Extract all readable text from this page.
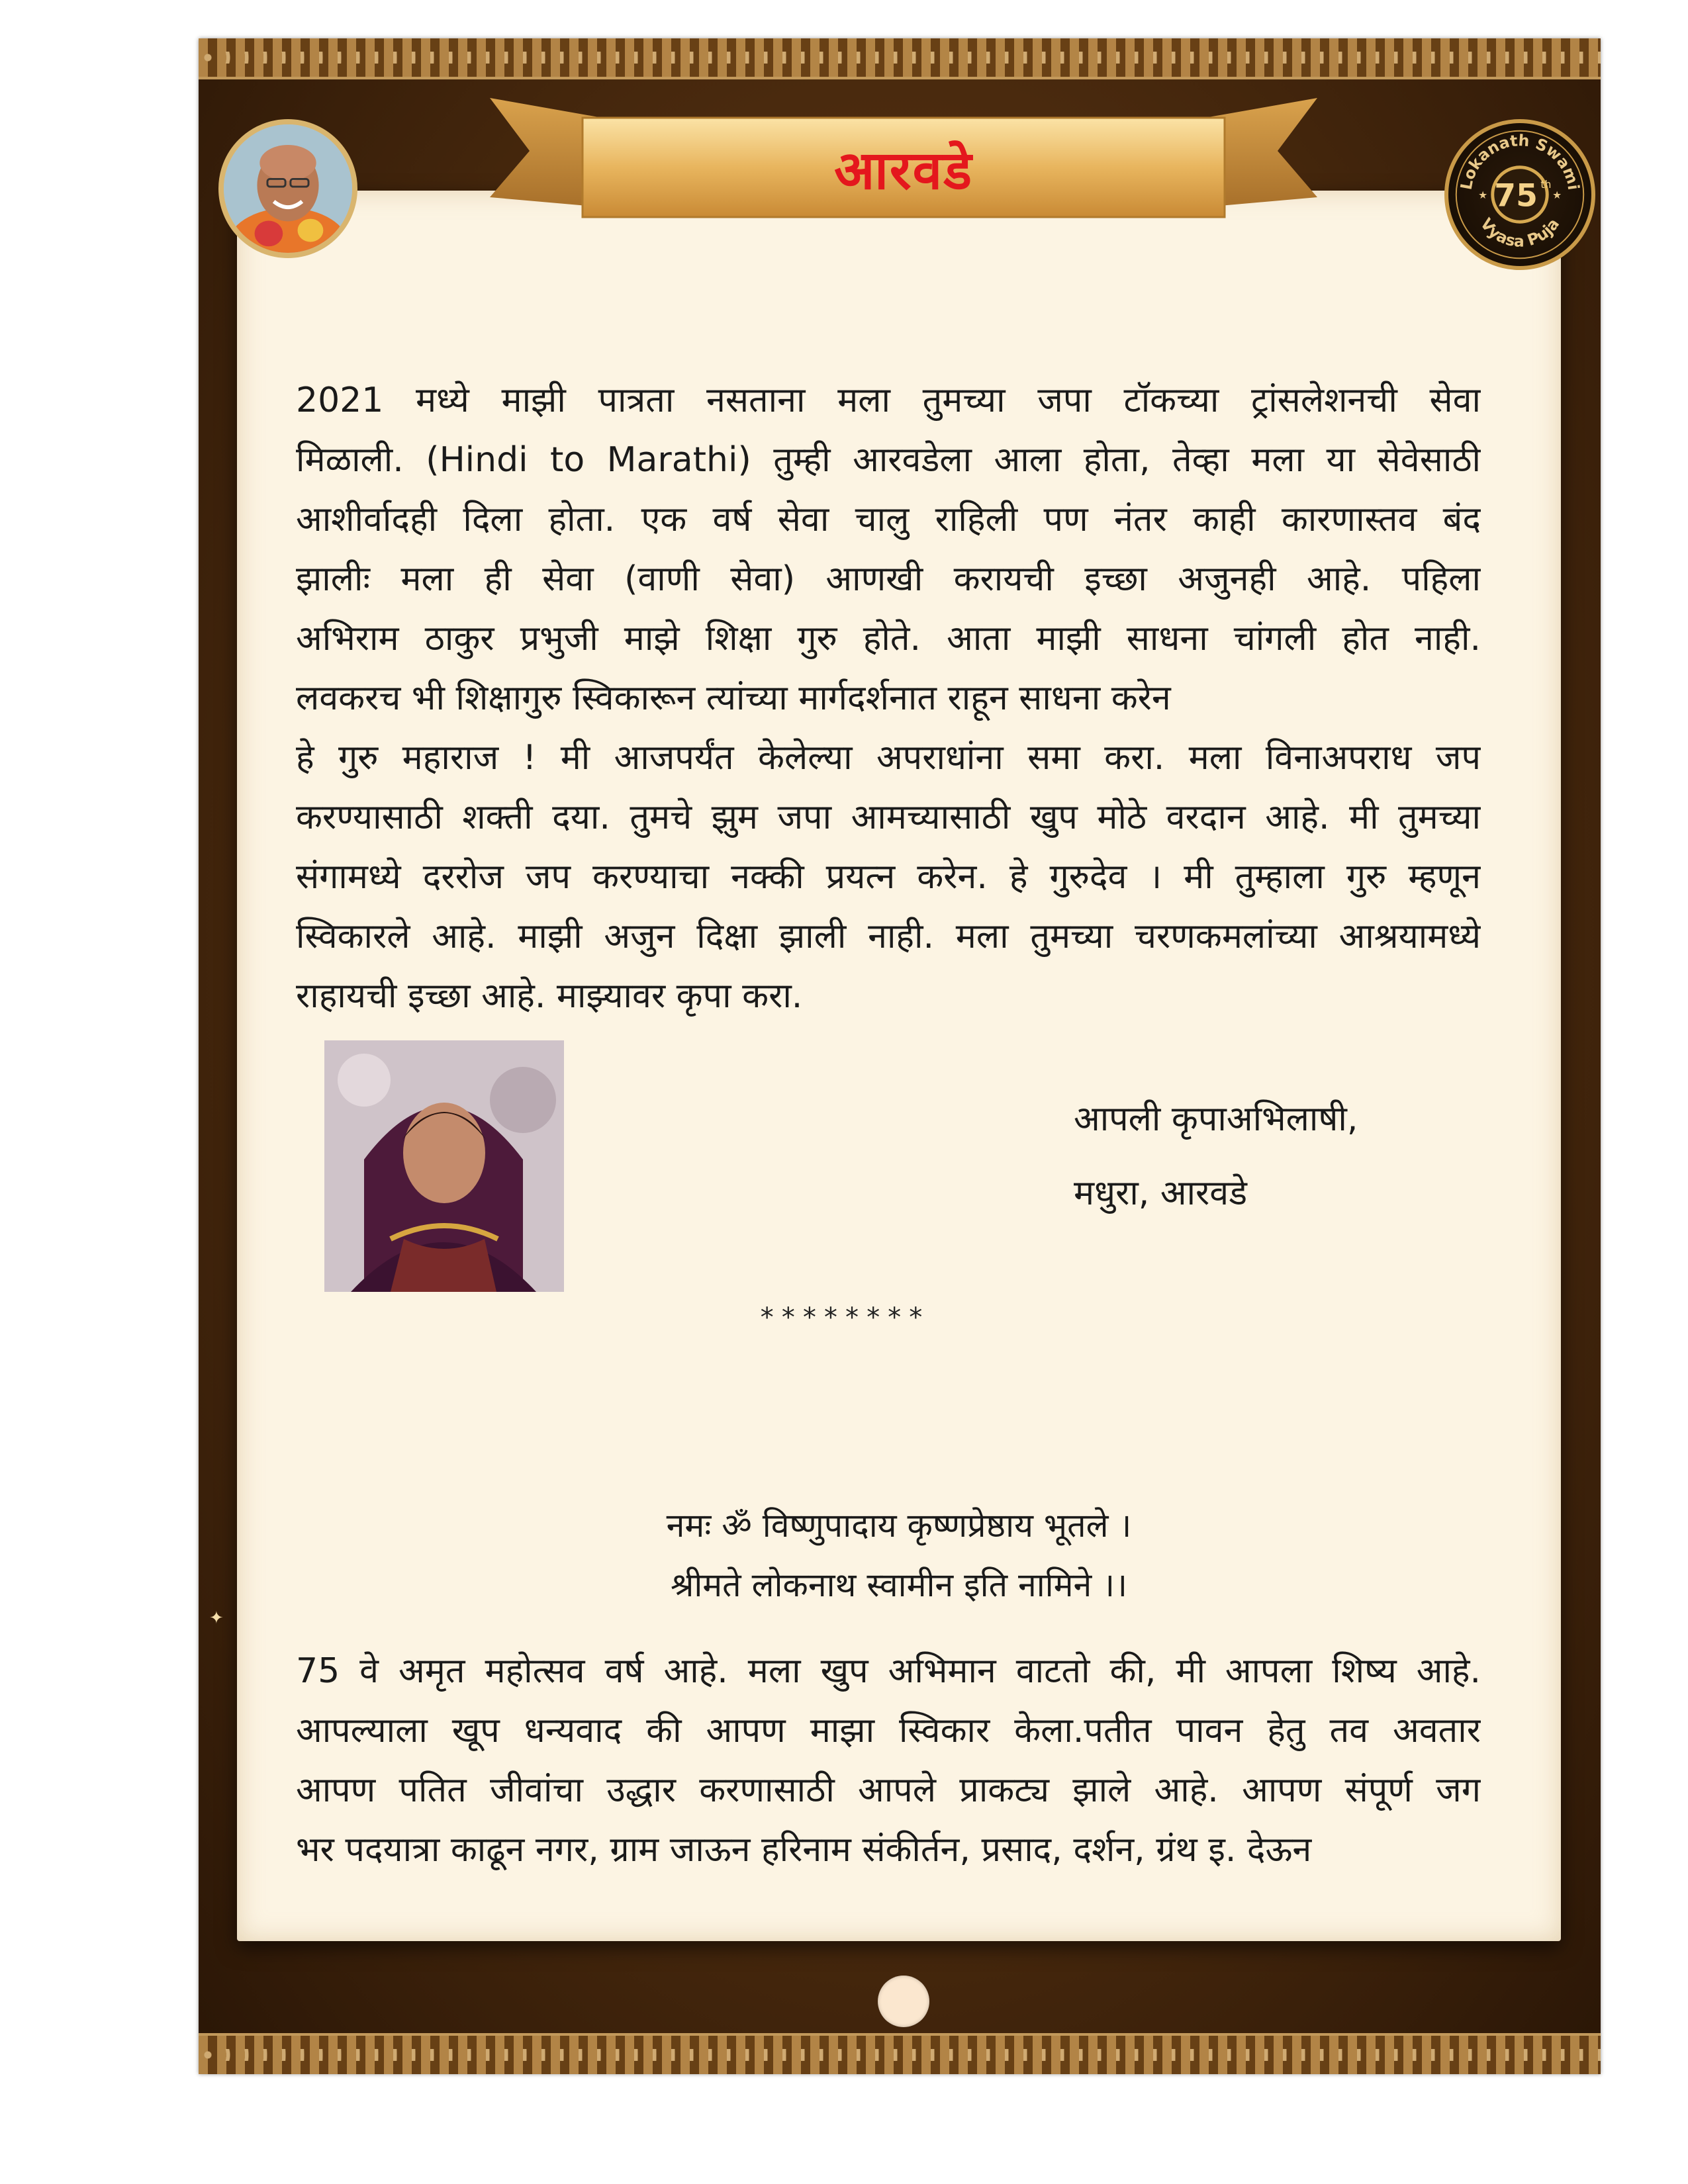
✦
Lokanath Swami
Vyasa Puja
75 th
★	★
आरवडे
2021 मध्ये माझी पात्रता नसताना मला तुमच्या जपा टॉकच्या ट्रांसलेशनची सेवा
मिळाली. (Hindi to Marathi) तुम्ही आरवडेला आला होता, तेव्हा मला या सेवेसाठी
आशीर्वादही दिला होता. एक वर्ष सेवा चालु राहिली पण नंतर काही कारणास्तव बंद
झालीः मला ही सेवा (वाणी सेवा) आणखी करायची इच्छा अजुनही आहे. पहिला
अभिराम ठाकुर प्रभुजी माझे शिक्षा गुरु होते. आता माझी साधना चांगली होत नाही.
लवकरच भी शिक्षागुरु स्विकारून त्यांच्या मार्गदर्शनात राहून साधना करेन
हे गुरु महाराज ! मी आजपर्यंत केलेल्या अपराधांना समा करा. मला विनाअपराध जप
करण्यासाठी शक्ती दया. तुमचे झुम जपा आमच्यासाठी खुप मोठे वरदान आहे. मी तुमच्या
संगामध्ये दररोज जप करण्याचा नक्की प्रयत्न करेन. हे गुरुदेव । मी तुम्हाला गुरु म्हणून
स्विकारले आहे. माझी अजुन दिक्षा झाली नाही. मला तुमच्या चरणकमलांच्या आश्रयामध्ये
राहायची इच्छा आहे. माझ्यावर कृपा करा.
आपली कृपाअभिलाषी,
मधुरा, आरवडे
********
नमः ॐ विष्णुपादाय कृष्णप्रेष्ठाय भूतले ।
श्रीमते लोकनाथ स्वामीन इति नामिने ।।
75 वे अमृत महोत्सव वर्ष आहे. मला खुप अभिमान वाटतो की, मी आपला शिष्य आहे.
आपल्याला खूप धन्यवाद की आपण माझा स्विकार केला.पतीत पावन हेतु तव अवतार
आपण पतित जीवांचा उद्धार करणासाठी आपले प्राकट्य झाले आहे. आपण संपूर्ण जग
भर पदयात्रा काढून नगर, ग्राम जाऊन हरिनाम संकीर्तन, प्रसाद, दर्शन, ग्रंथ इ. देऊन
